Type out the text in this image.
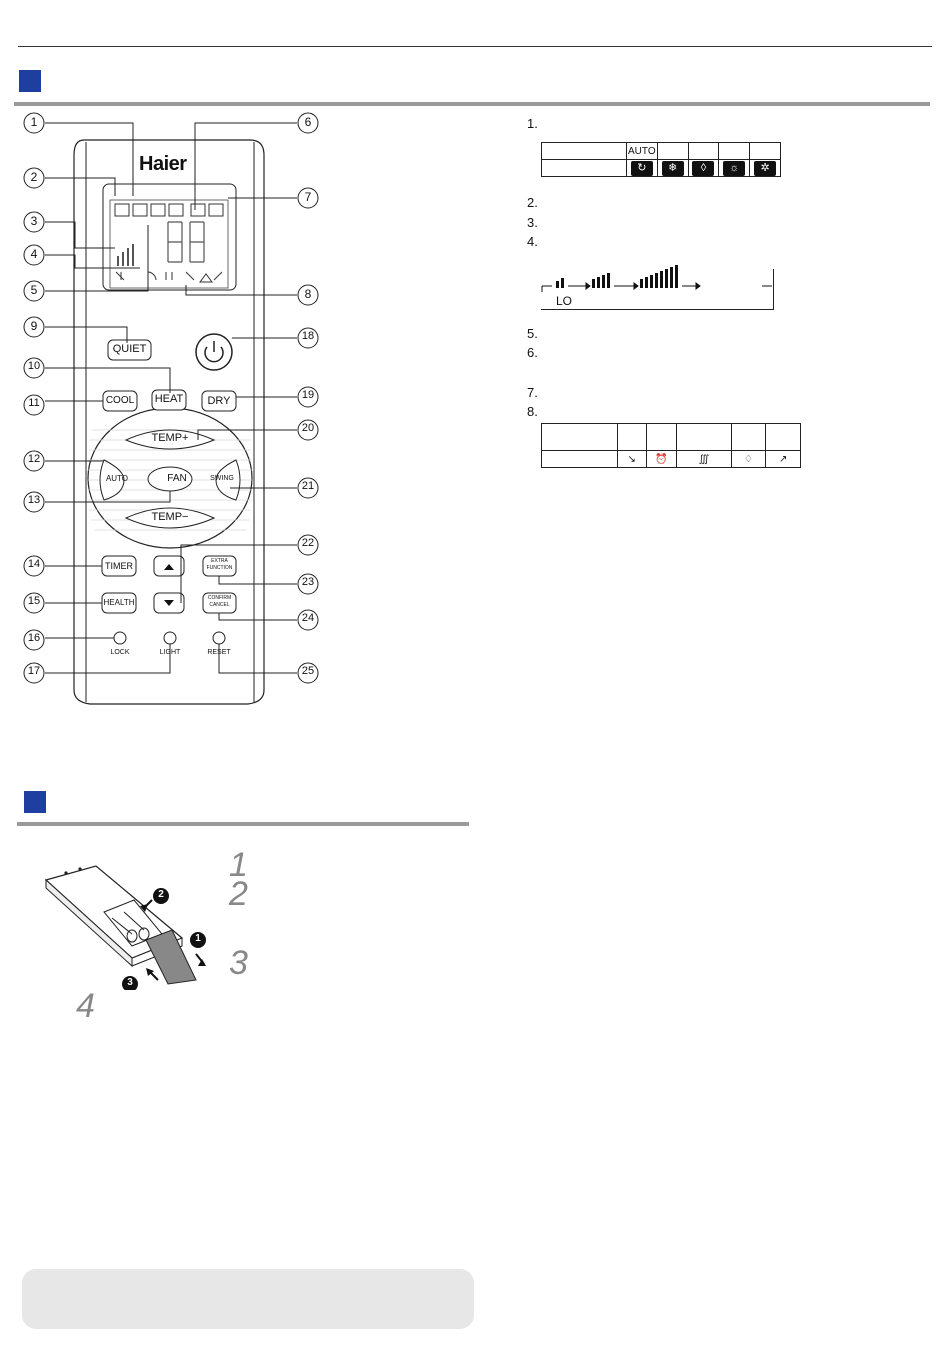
Haier
1
2
3
4
5
6
7
8
9
10
11
12
13
14
15
16
17
18
19
20
21
22
23
24
25
QUIET
COOL HEAT	DRY
TEMP+
TEMP−
AUTO	FAN	SWING
TIMER
HEALTH
EXTRA
FUNCTION
CONFIRM
CANCEL
LOCK	LIGHT	RESET
1.
2.
3.
4.
5.
6.
7.
8.
	AUTO				
	↻	❄	◊	☼	✲
LO

	↘	⏰	∭	♢	↗
2
1
3
1
2
3
4
